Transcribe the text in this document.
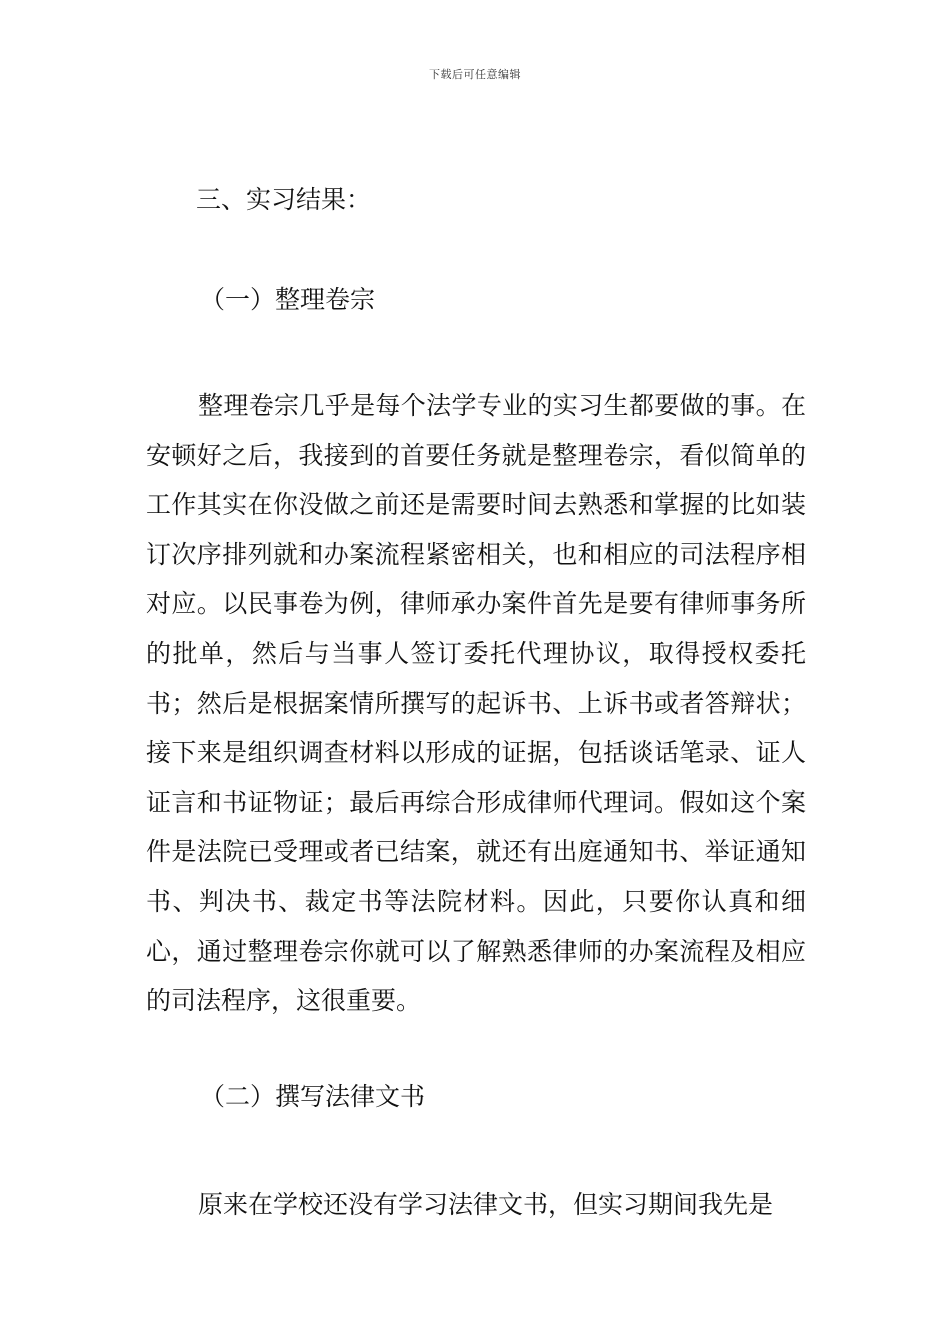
下载后可任意编辑
三、实习结果：
（一）整理卷宗

整理卷宗几乎是每个法学专业的实习生都要做的事。在安顿好之后，我接到的首要任务就是整理卷宗，看似简单的工作其实在你没做之前还是需要时间去熟悉和掌握的比如装订次序排列就和办案流程紧密相关，也和相应的司法程序相对应。以民事卷为例，律师承办案件首先是要有律师事务所的批单，然后与当事人签订委托代理协议，取得授权委托书；然后是根据案情所撰写的起诉书、上诉书或者答辩状；接下来是组织调查材料以形成的证据，包括谈话笔录、证人证言和书证物证；最后再综合形成律师代理词。假如这个案件是法院已受理或者已结案，就还有出庭通知书、举证通知书、判决书、裁定书等法院材料。因此，只要你认真和细心，通过整理卷宗你就可以了解熟悉律师的办案流程及相应的司法程序，这很重要。

（二）撰写法律文书

原来在学校还没有学习法律文书，但实习期间我先是
